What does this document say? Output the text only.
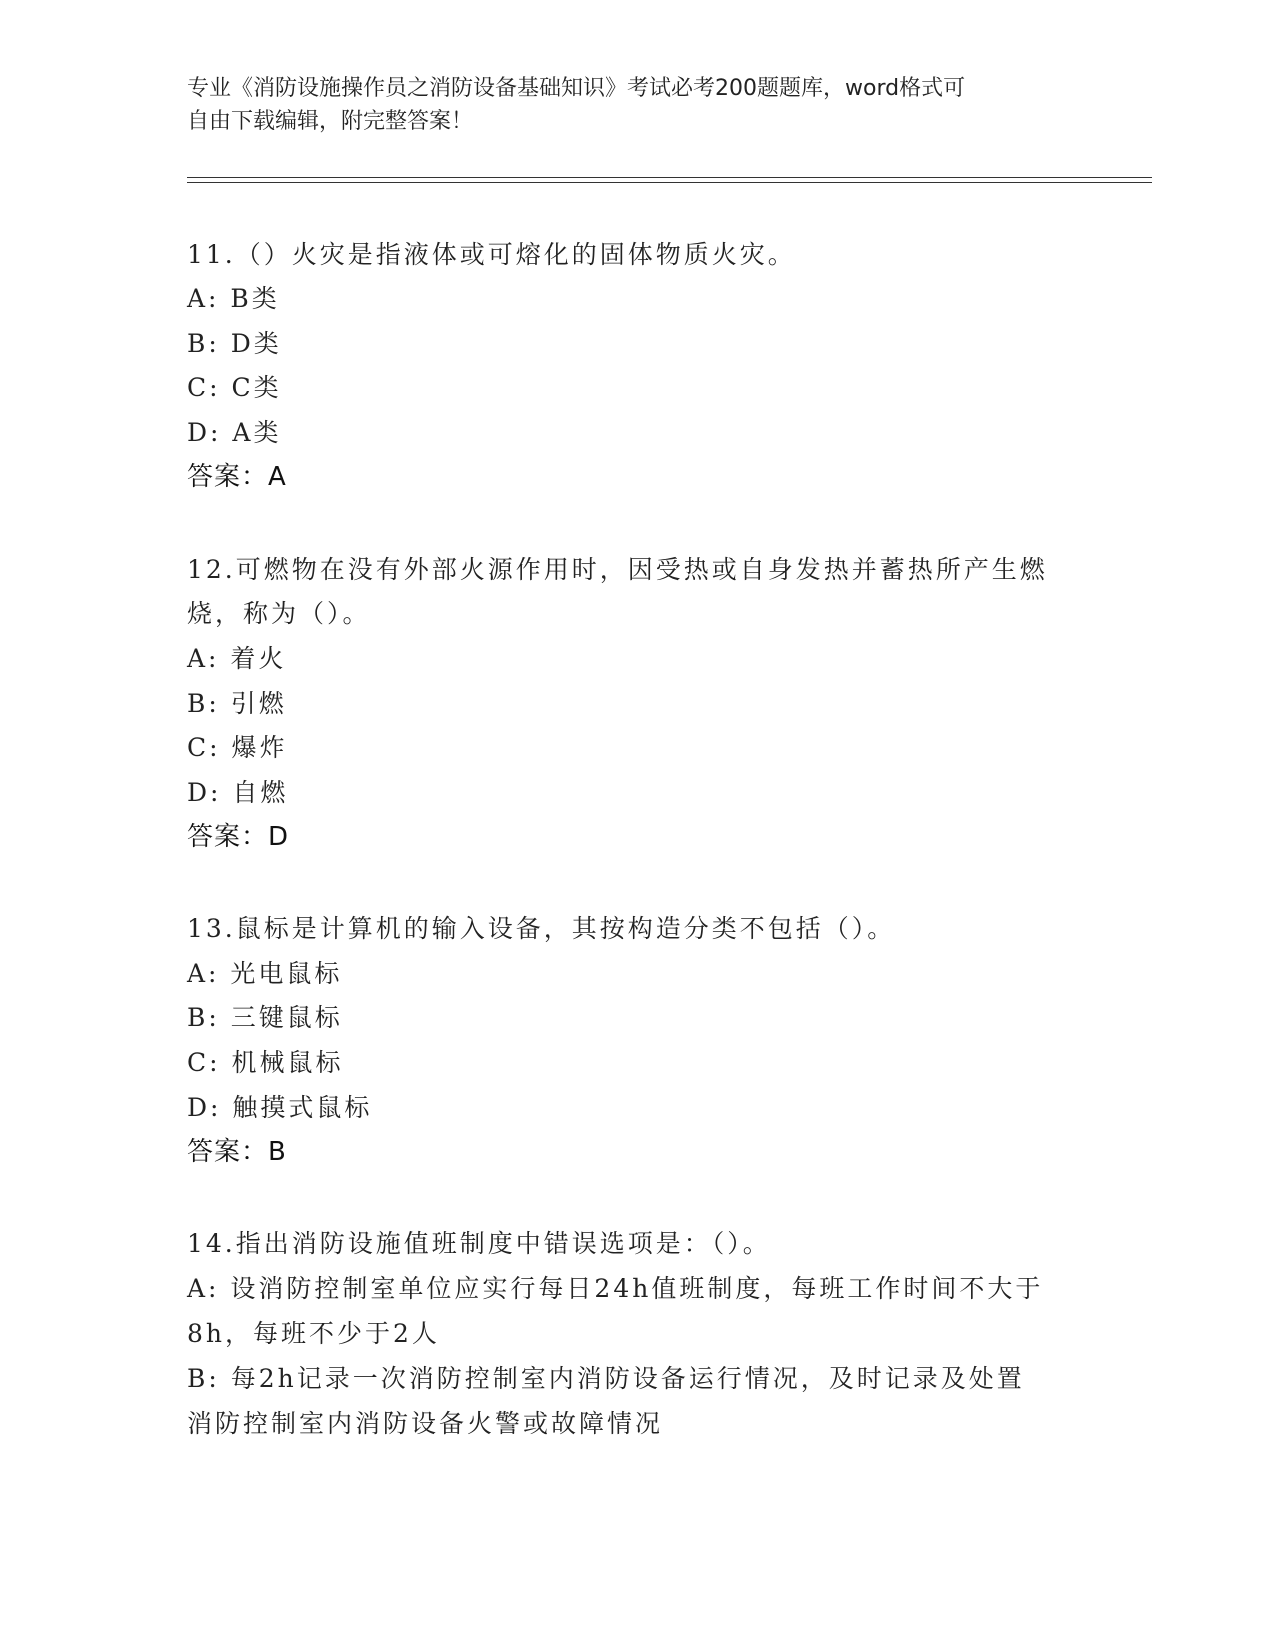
专业《消防设施操作员之消防设备基础知识》考试必考200题题库，word格式可
自由下载编辑，附完整答案！
11.（）火灾是指液体或可熔化的固体物质火灾。
A: B类
B: D类
C: C类
D: A类
答案：A
12.可燃物在没有外部火源作用时，因受热或自身发热并蓄热所产生燃
烧，称为（）。
A: 着火
B: 引燃
C: 爆炸
D: 自燃
答案：D
13.鼠标是计算机的输入设备，其按构造分类不包括（）。
A: 光电鼠标
B: 三键鼠标
C: 机械鼠标
D: 触摸式鼠标
答案：B
14.指出消防设施值班制度中错误选项是：（）。
A: 设消防控制室单位应实行每日24h值班制度，每班工作时间不大于
8h，每班不少于2人
B: 每2h记录一次消防控制室内消防设备运行情况，及时记录及处置
消防控制室内消防设备火警或故障情况
